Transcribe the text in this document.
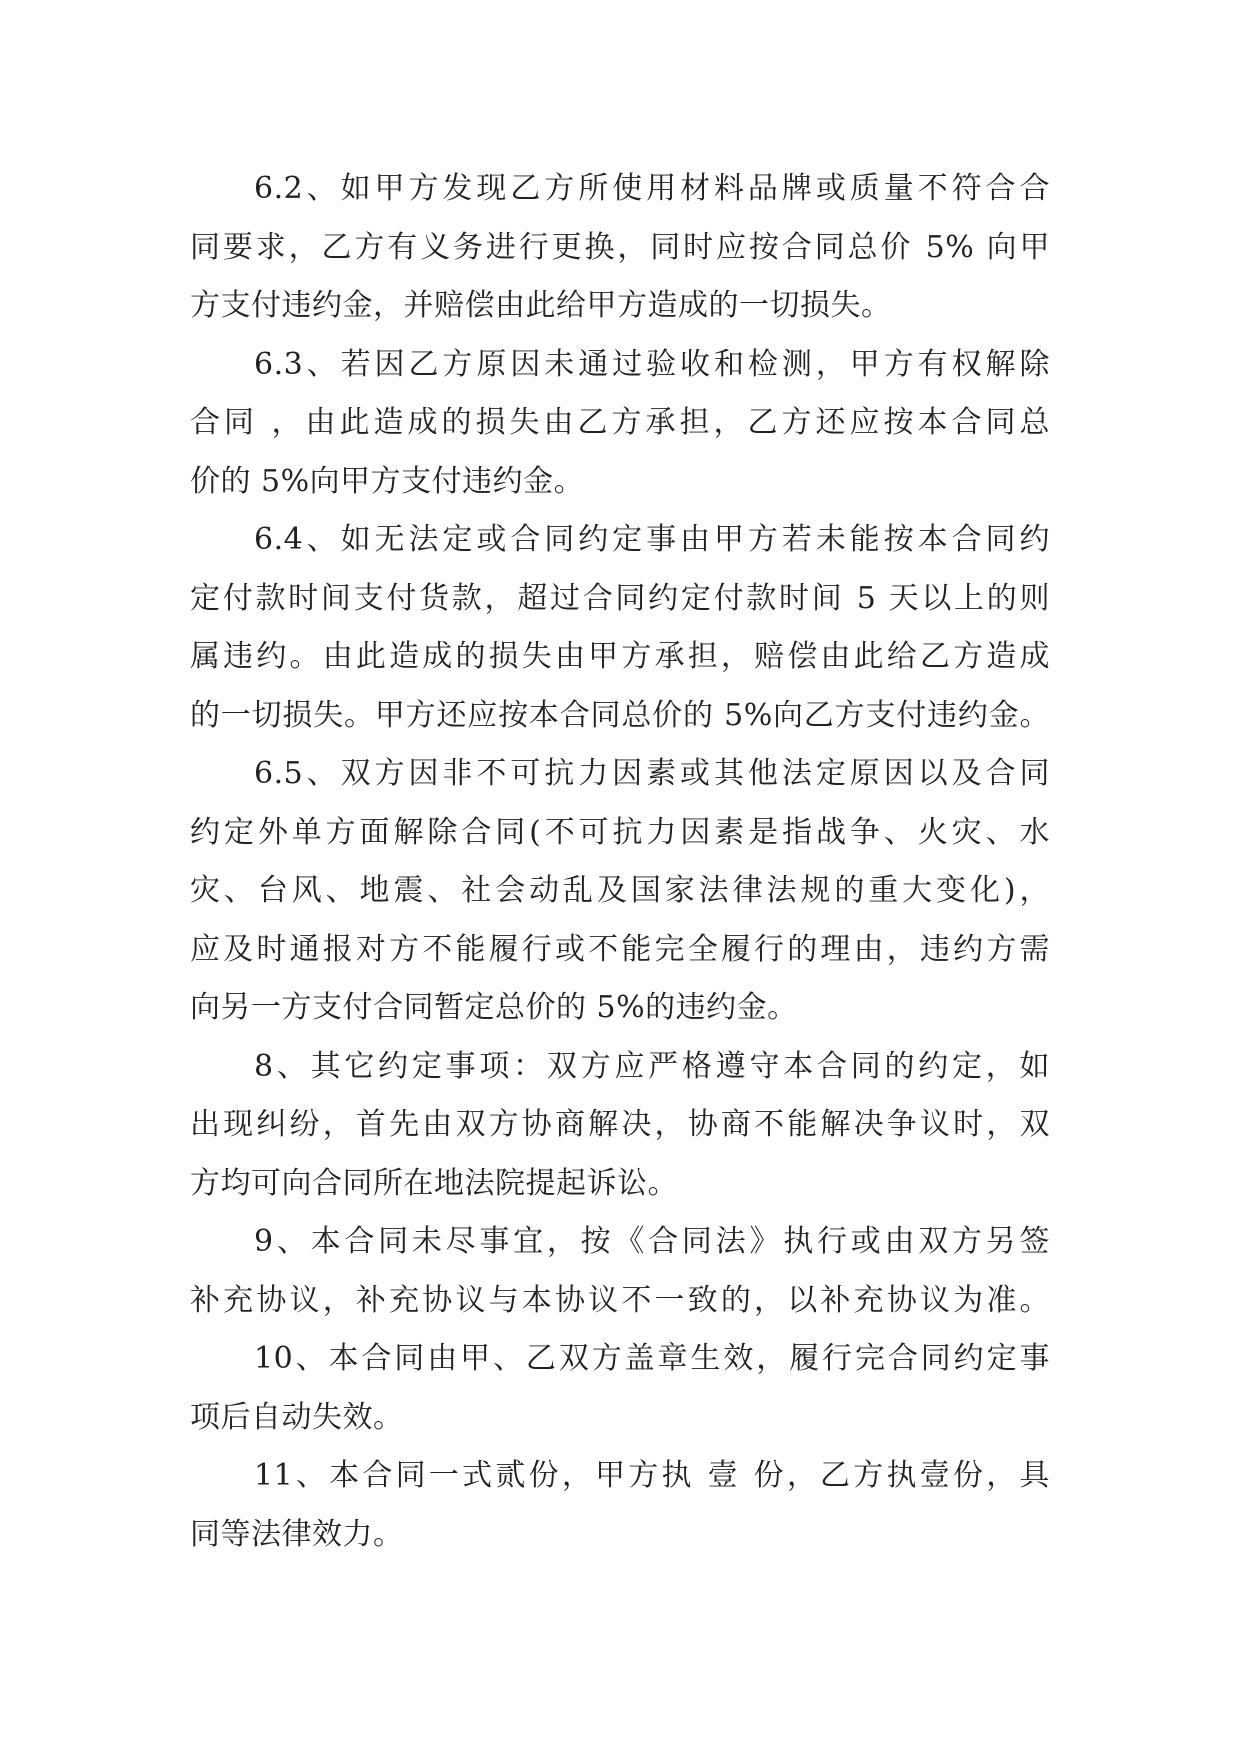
6.2、如甲方发现乙方所使用材料品牌或质量不符合合
同要求，乙方有义务进行更换，同时应按合同总价 5% 向甲
方支付违约金，并赔偿由此给甲方造成的一切损失。
6.3、若因乙方原因未通过验收和检测，甲方有权解除
合同 ，由此造成的损失由乙方承担，乙方还应按本合同总
价的 5%向甲方支付违约金。
6.4、如无法定或合同约定事由甲方若未能按本合同约
定付款时间支付货款，超过合同约定付款时间 5 天以上的则
属违约。由此造成的损失由甲方承担，赔偿由此给乙方造成
的一切损失。甲方还应按本合同总价的 5%向乙方支付违约金。
6.5、双方因非不可抗力因素或其他法定原因以及合同
约定外单方面解除合同(不可抗力因素是指战争、火灾、水
灾、台风、地震、社会动乱及国家法律法规的重大变化)，
应及时通报对方不能履行或不能完全履行的理由，违约方需
向另一方支付合同暂定总价的 5%的违约金。
8、其它约定事项：双方应严格遵守本合同的约定，如
出现纠纷，首先由双方协商解决，协商不能解决争议时，双
方均可向合同所在地法院提起诉讼。
9、本合同未尽事宜，按《合同法》执行或由双方另签
补充协议，补充协议与本协议不一致的，以补充协议为准。
10、本合同由甲、乙双方盖章生效，履行完合同约定事
项后自动失效。
11、本合同一式贰份，甲方执 壹 份，乙方执壹份，具
同等法律效力。
